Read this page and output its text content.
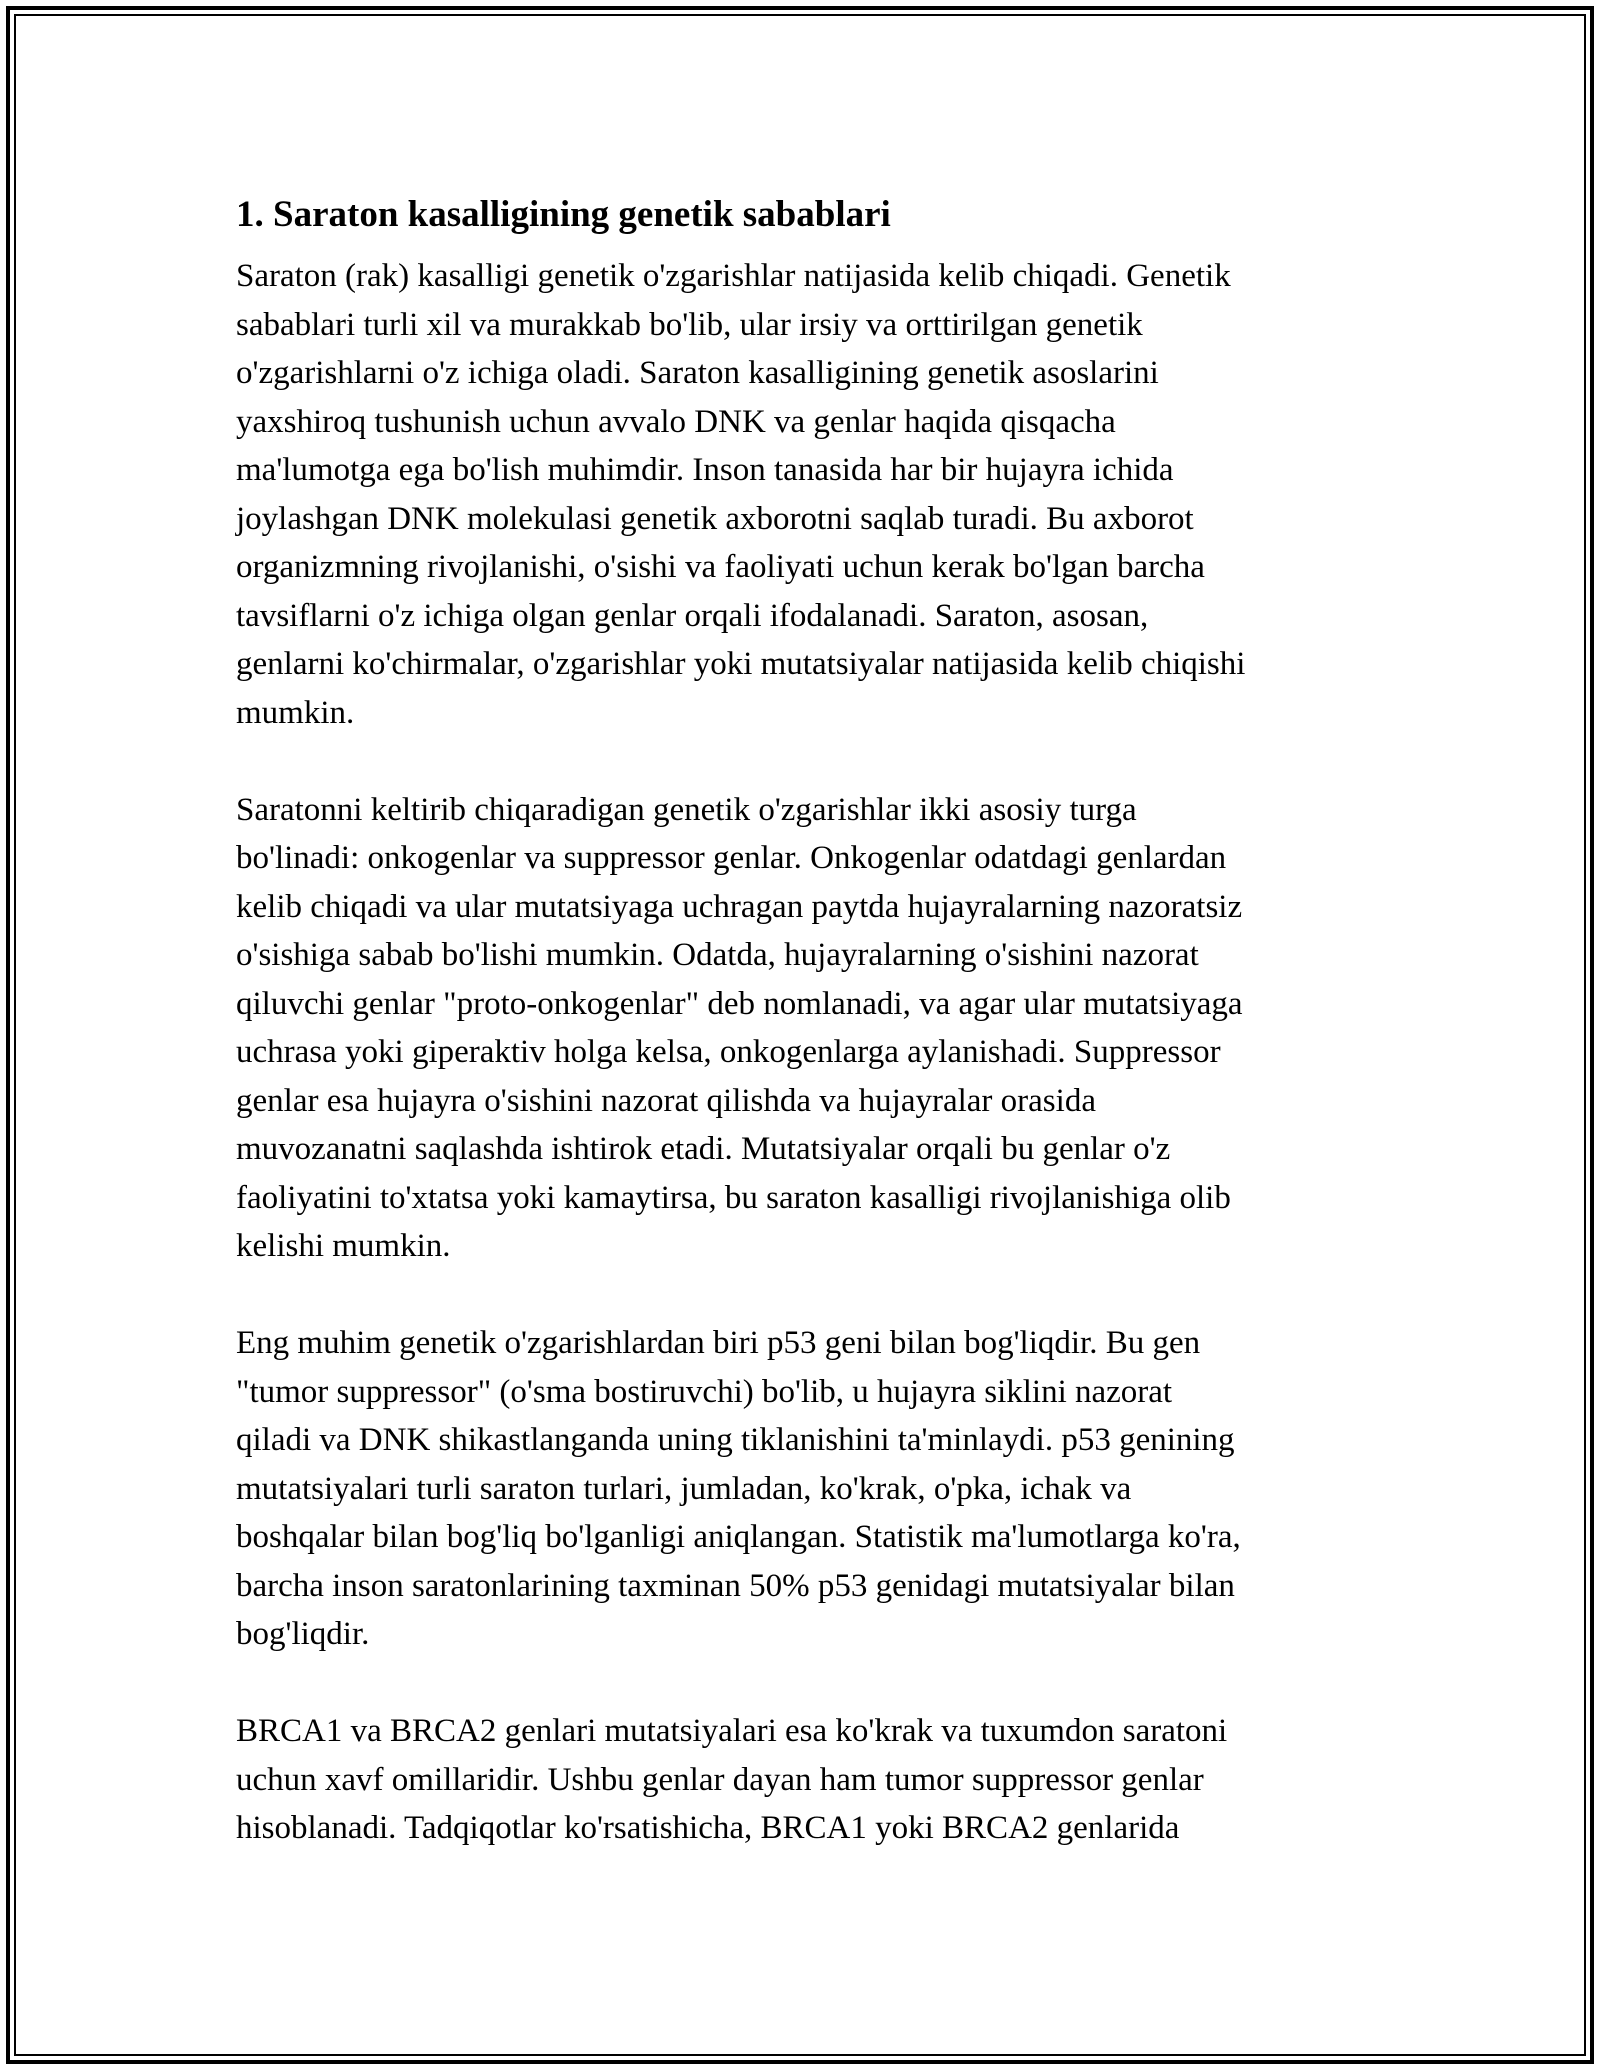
1. Saraton kasalligining genetik sabablari

Saraton (rak) kasalligi genetik o'zgarishlar natijasida kelib chiqadi. Genetik
sabablari turli xil va murakkab bo'lib, ular irsiy va orttirilgan genetik
o'zgarishlarni o'z ichiga oladi. Saraton kasalligining genetik asoslarini
yaxshiroq tushunish uchun avvalo DNK va genlar haqida qisqacha
ma'lumotga ega bo'lish muhimdir. Inson tanasida har bir hujayra ichida
joylashgan DNK molekulasi genetik axborotni saqlab turadi. Bu axborot
organizmning rivojlanishi, o'sishi va faoliyati uchun kerak bo'lgan barcha
tavsiflarni o'z ichiga olgan genlar orqali ifodalanadi. Saraton, asosan,
genlarni ko'chirmalar, o'zgarishlar yoki mutatsiyalar natijasida kelib chiqishi
mumkin.

Saratonni keltirib chiqaradigan genetik o'zgarishlar ikki asosiy turga
bo'linadi: onkogenlar va suppressor genlar. Onkogenlar odatdagi genlardan
kelib chiqadi va ular mutatsiyaga uchragan paytda hujayralarning nazoratsiz
o'sishiga sabab bo'lishi mumkin. Odatda, hujayralarning o'sishini nazorat
qiluvchi genlar "proto-onkogenlar" deb nomlanadi, va agar ular mutatsiyaga
uchrasa yoki giperaktiv holga kelsa, onkogenlarga aylanishadi. Suppressor
genlar esa hujayra o'sishini nazorat qilishda va hujayralar orasida
muvozanatni saqlashda ishtirok etadi. Mutatsiyalar orqali bu genlar o'z
faoliyatini to'xtatsa yoki kamaytirsa, bu saraton kasalligi rivojlanishiga olib
kelishi mumkin.

Eng muhim genetik o'zgarishlardan biri p53 geni bilan bog'liqdir. Bu gen
"tumor suppressor" (o'sma bostiruvchi) bo'lib, u hujayra siklini nazorat
qiladi va DNK shikastlanganda uning tiklanishini ta'minlaydi. p53 genining
mutatsiyalari turli saraton turlari, jumladan, ko'krak, o'pka, ichak va
boshqalar bilan bog'liq bo'lganligi aniqlangan. Statistik ma'lumotlarga ko'ra,
barcha inson saratonlarining taxminan 50% p53 genidagi mutatsiyalar bilan
bog'liqdir.

BRCA1 va BRCA2 genlari mutatsiyalari esa ko'krak va tuxumdon saratoni
uchun xavf omillaridir. Ushbu genlar dayan ham tumor suppressor genlar
hisoblanadi. Tadqiqotlar ko'rsatishicha, BRCA1 yoki BRCA2 genlarida
